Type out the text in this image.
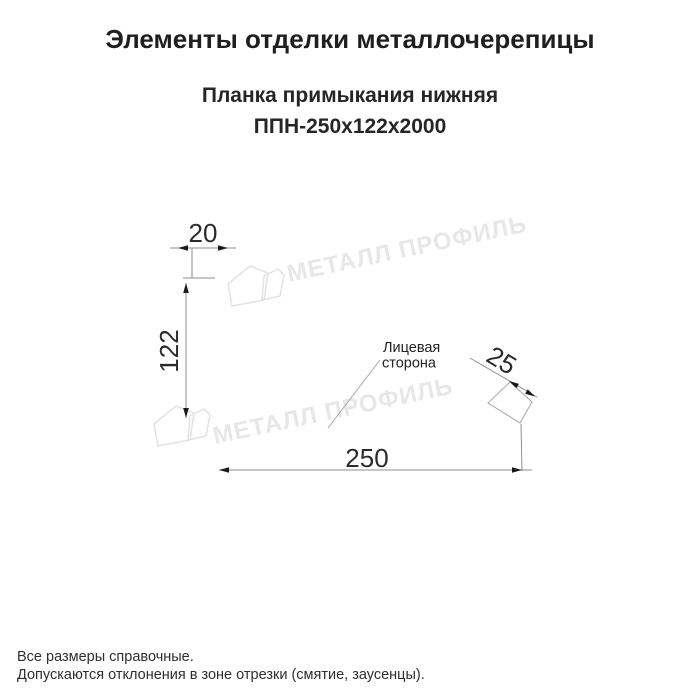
Элементы отделки металлочерепицы
Планка примыкания нижняя
ППН-250х122х2000
МЕТАЛЛ ПРОФИЛЬ
МЕТАЛЛ ПРОФИЛЬ
20
122	Лицевая
сторона 25
250
Все размеры справочные.
Допускаются отклонения в зоне отрезки (смятие, заусенцы).
